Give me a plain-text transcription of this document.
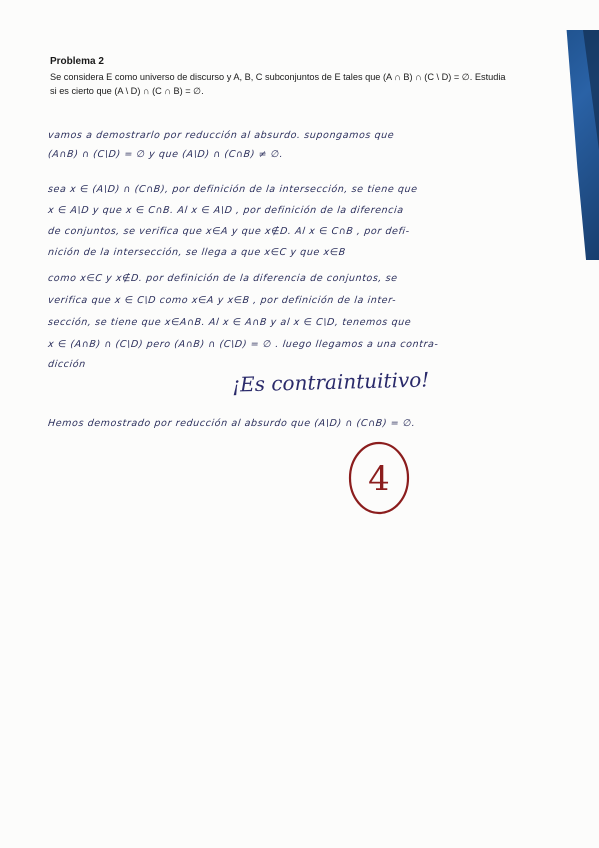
Problema 2
Se considera E como universo de discurso y A, B, C subconjuntos de E tales que (A ∩ B) ∩ (C \ D) = ∅. Estudia
si es cierto que (A \ D) ∩ (C ∩ B) = ∅.
vamos a demostrarlo por reducción al absurdo. supongamos que
(A∩B) ∩ (C\D) = ∅ y que (A\D) ∩ (C∩B) ≠ ∅.
sea x ∈ (A\D) ∩ (C∩B), por definición de la intersección, se tiene que
x ∈ A\D y que x ∈ C∩B. Al x ∈ A\D , por definición de la diferencia
de conjuntos, se verifica que x∈A y que x∉D. Al x ∈ C∩B , por defi-
nición de la intersección, se llega a que x∈C y que x∈B
como x∈C y x∉D. por definición de la diferencia de conjuntos, se
verifica que x ∈ C\D como x∈A y x∈B , por definición de la inter-
sección, se tiene que x∈A∩B. Al x ∈ A∩B y al x ∈ C\D, tenemos que
x ∈ (A∩B) ∩ (C\D) pero (A∩B) ∩ (C\D) = ∅ . luego llegamos a una contra-
dicción
¡Es contraintuitivo!
Hemos demostrado por reducción al absurdo que (A\D) ∩ (C∩B) = ∅.
4
